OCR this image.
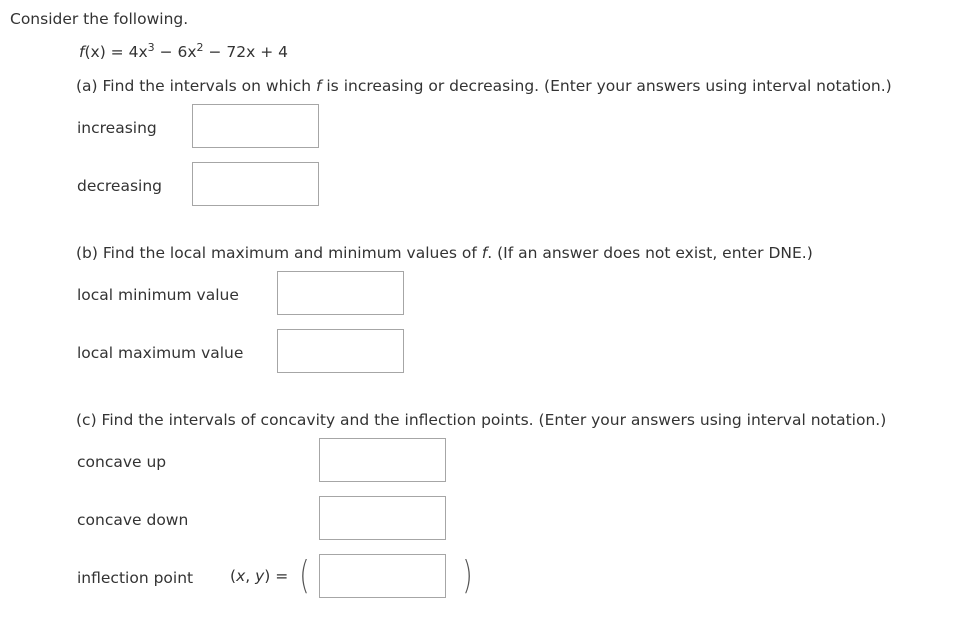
Consider the following.
$f(x) = 4x^3 - 6x^2 - 72x + 4$
(a) Find the intervals on which f is increasing or decreasing. (Enter your answers using interval notation.)
increasing
decreasing
(b) Find the local maximum and minimum values of f. (If an answer does not exist, enter DNE.)
local minimum value
local maximum value
(c) Find the intervals of concavity and the inflection points. (Enter your answers using interval notation.)
concave up
concave down
inflection point (x, y) = (	)
